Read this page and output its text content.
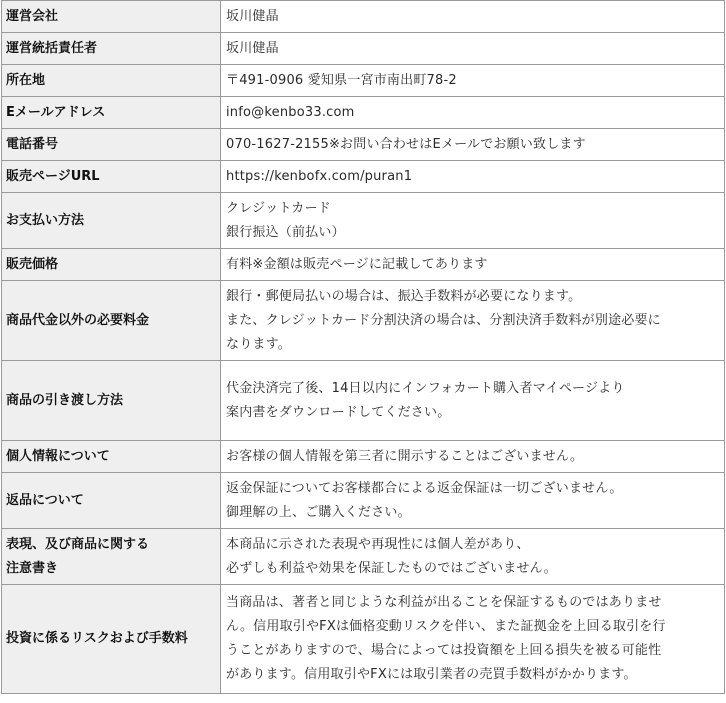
運営会社	坂川健晶

運営統括責任者	坂川健晶

所在地	〒491-0906 愛知県一宮市南出町78-2

Eメールアドレス	info@kenbo33.com

電話番号	070-1627-2155※お問い合わせはEメールでお願い致します

販売ページURL	https://kenbofx.com/puran1

お支払い方法	クレジットカード
銀行振込（前払い）

販売価格	有料※金額は販売ページに記載してあります

商品代金以外の必要料金	銀行・郵便局払いの場合は、振込手数料が必要になります。
また、クレジットカード分割決済の場合は、分割決済手数料が別途必要に
なります。

商品の引き渡し方法	代金決済完了後、14日以内にインフォカート購入者マイページより
案内書をダウンロードしてください。

個人情報について	お客様の個人情報を第三者に開示することはございません。

返品について	返金保証についてお客様都合による返金保証は一切ございません。
御理解の上、ご購入ください。

表現、及び商品に関する
注意書き	本商品に示された表現や再現性には個人差があり、
必ずしも利益や効果を保証したものではございません。

投資に係るリスクおよび手数料	当商品は、著者と同じような利益が出ることを保証するものではありませ
ん。信用取引やFXは価格変動リスクを伴い、また証拠金を上回る取引を行
うことがありますので、場合によっては投資額を上回る損失を被る可能性
があります。信用取引やFXには取引業者の売買手数料がかかります。
